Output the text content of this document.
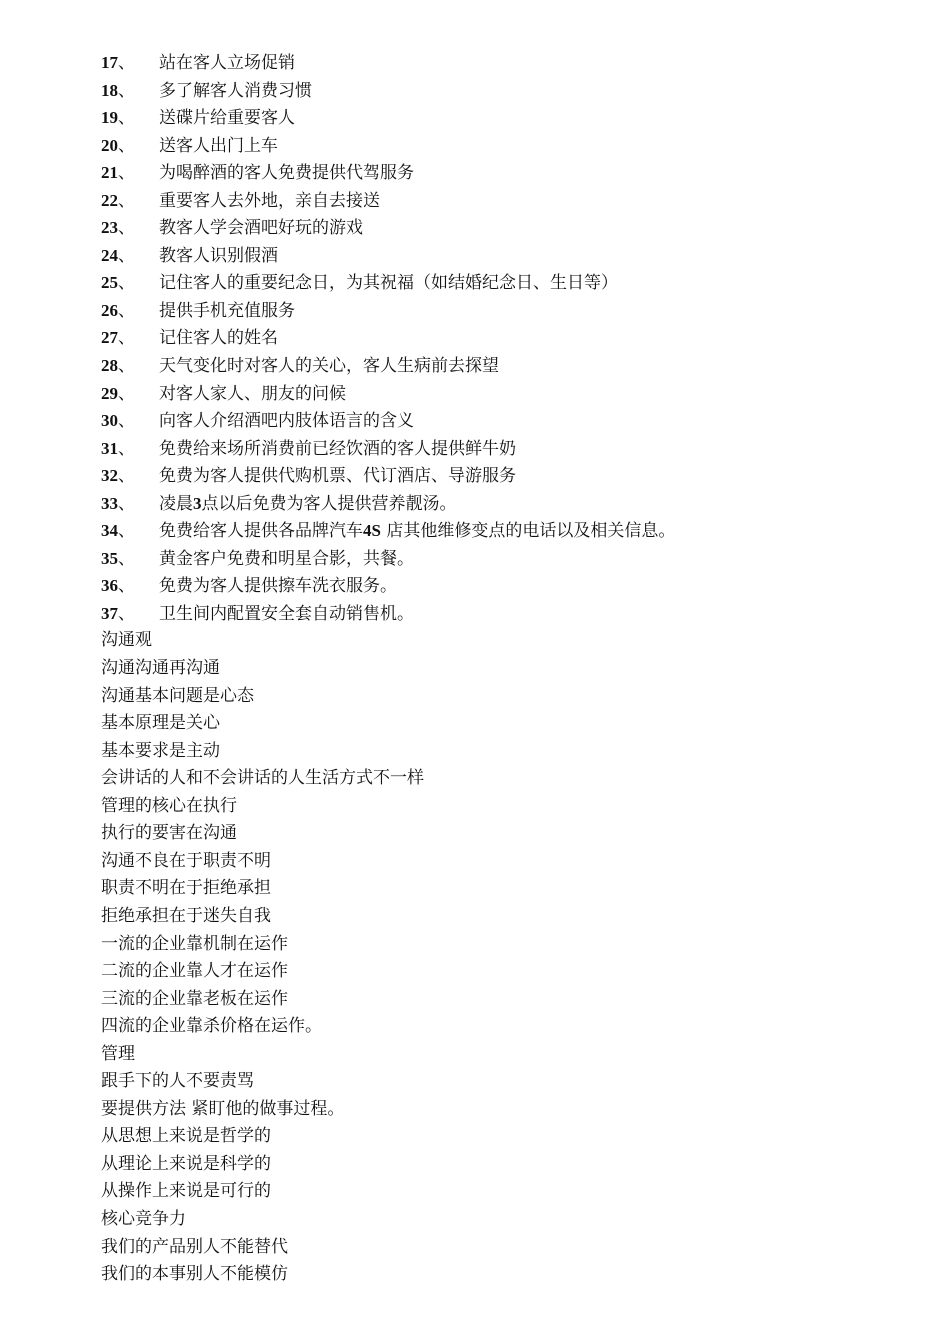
17、 站在客人立场促销
18、 多了解客人消费习惯
19、 送碟片给重要客人
20、 送客人出门上车
21、 为喝醉酒的客人免费提供代驾服务
22、 重要客人去外地，亲自去接送
23、 教客人学会酒吧好玩的游戏
24、 教客人识别假酒
25、 记住客人的重要纪念日，为其祝福（如结婚纪念日、生日等）
26、 提供手机充值服务
27、 记住客人的姓名
28、 天气变化时对客人的关心，客人生病前去探望
29、 对客人家人、朋友的问候
30、 向客人介绍酒吧内肢体语言的含义
31、 免费给来场所消费前已经饮酒的客人提供鲜牛奶
32、 免费为客人提供代购机票、代订酒店、导游服务
33、 凌晨3点以后免费为客人提供营养靓汤。
34、 免费给客人提供各品牌汽车4S 店其他维修变点的电话以及相关信息。
35、 黄金客户免费和明星合影，共餐。
36、 免费为客人提供擦车洗衣服务。
37、 卫生间内配置安全套自动销售机。
沟通观
沟通沟通再沟通
沟通基本问题是心态
基本原理是关心
基本要求是主动
会讲话的人和不会讲话的人生活方式不一样
管理的核心在执行
执行的要害在沟通
沟通不良在于职责不明
职责不明在于拒绝承担
拒绝承担在于迷失自我
一流的企业靠机制在运作
二流的企业靠人才在运作
三流的企业靠老板在运作
四流的企业靠杀价格在运作。
管理
跟手下的人不要责骂
要提供方法 紧盯他的做事过程。
从思想上来说是哲学的
从理论上来说是科学的
从操作上来说是可行的
核心竞争力
我们的产品别人不能替代
我们的本事别人不能模仿
